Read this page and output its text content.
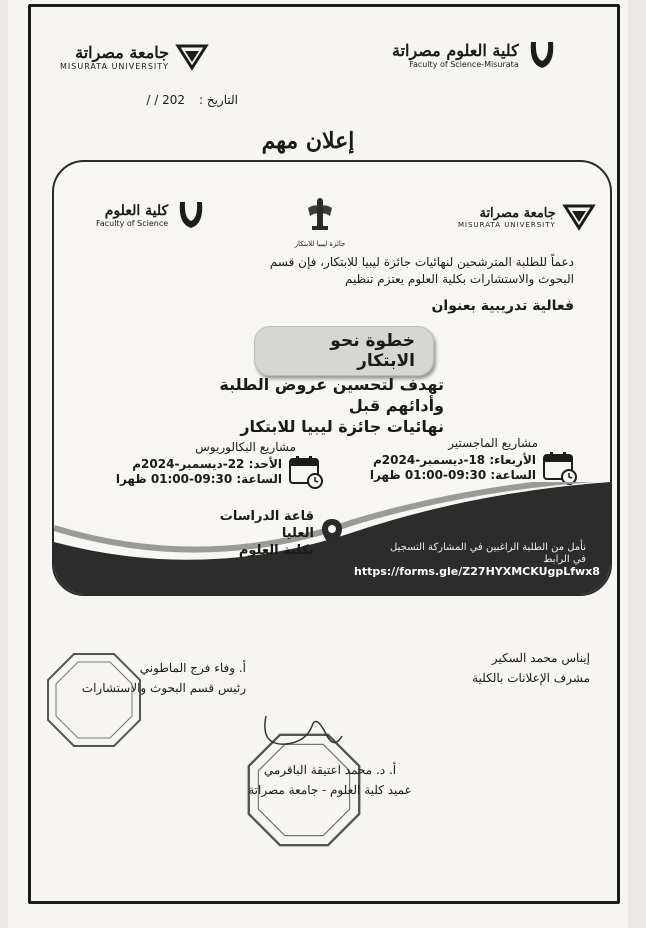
كلية العلوم مصراتة
Faculty of Science-Misurata
جامعة مصراتة
MISURATA UNIVERSITY
التاريخ :
/ / 202
إعلان مهم
كلية العلوم
Faculty of Science
جائزة ليبيا للابتكار
جامعة مصراتة
MISURATA UNIVERSITY
دعماً للطلبة المترشحين لنهائيات جائزة ليبيا للابتكار، فإن قسم
البحوث والاستشارات بكلية العلوم يعتزم تنظيم
فعالية تدريبية بعنوان
خطوة نحو الابتكار
تهدف لتحسين عروض الطلبة وأدائهم قبل
نهائيات جائزة ليبيا للابتكار
مشاريع الماجستير
الأربعاء: 18-ديسمبر-2024م
الساعة: 09:30-01:00 ظهرا
مشاريع البكالوريوس
الأحد: 22-ديسمبر-2024م
الساعة: 09:30-01:00 ظهرا
قاعة الدراسات العليا
بكلية العلوم	نأمل من الطلبة الراغبين في المشاركة التسجيل
في الرابط
https://forms.gle/Z27HYXMCKUgpLfwx8
إيناس محمد السكير
مشرف الإعلانات بالكلية
أ. وفاء فرج الماطوني
رئيس قسم البحوث والاستشارات
أ. د. محمد اعتيقة الباقرمي
عميد كلية العلوم - جامعة مصراتة
